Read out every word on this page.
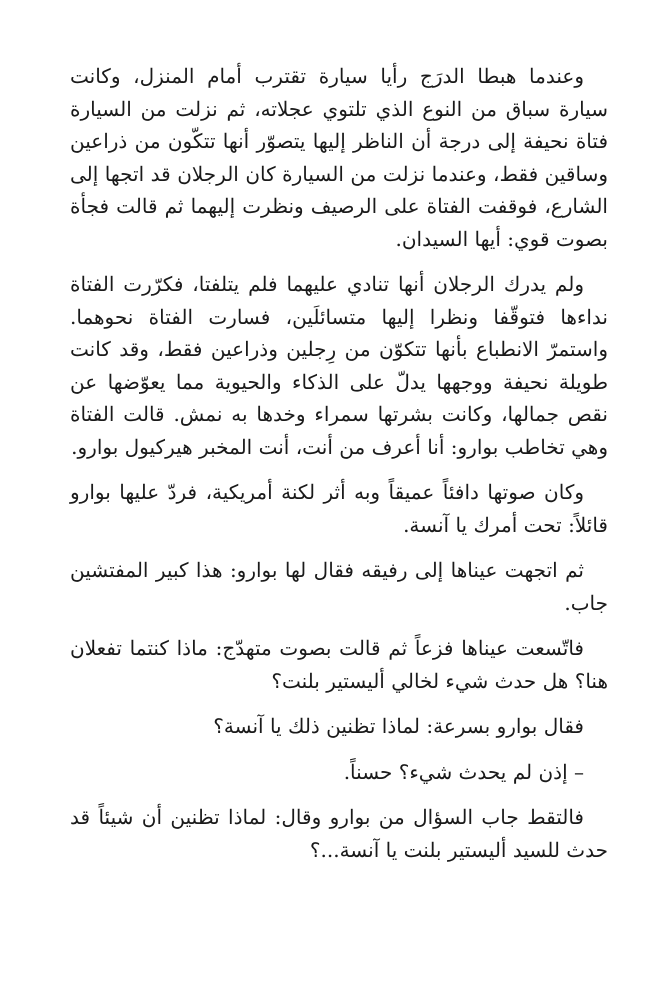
وعندما هبطا الدرَج رأيا سيارة تقترب أمام المنزل، وكانت سيارة سباق من النوع الذي تلتوي عجلاته، ثم نزلت من السيارة فتاة نحيفة إلى درجة أن الناظر إليها يتصوّر أنها تتكّون من ذراعين وساقين فقط، وعندما نزلت من السيارة كان الرجلان قد اتجها إلى الشارع، فوقفت الفتاة على الرصيف ونظرت إليهما ثم قالت فجأة بصوت قوي: أيها السيدان.

ولم يدرك الرجلان أنها تنادي عليهما فلم يتلفتا، فكرّرت الفتاة نداءها فتوقّفا ونظرا إليها متسائلَين، فسارت الفتاة نحوهما. واستمرّ الانطباع بأنها تتكوّن من رِجلين وذراعين فقط، وقد كانت طويلة نحيفة ووجهها يدلّ على الذكاء والحيوية مما يعوّضها عن نقص جمالها، وكانت بشرتها سمراء وخدها به نمش. قالت الفتاة وهي تخاطب بوارو: أنا أعرف من أنت، أنت المخبر هيركيول بوارو.

وكان صوتها دافئاً عميقاً وبه أثر لكنة أمريكية، فردّ عليها بوارو قائلاً: تحت أمرك يا آنسة.

ثم اتجهت عيناها إلى رفيقه فقال لها بوارو: هذا كبير المفتشين جاب.

فاتّسعت عيناها فزعاً ثم قالت بصوت متهدّج: ماذا كنتما تفعلان هنا؟ هل حدث شيء لخالي أليستير بلنت؟

فقال بوارو بسرعة: لماذا تظنين ذلك يا آنسة؟

– إذن لم يحدث شيء؟ حسناً.

فالتقط جاب السؤال من بوارو وقال: لماذا تظنين أن شيئاً قد حدث للسيد أليستير بلنت يا آنسة...؟
